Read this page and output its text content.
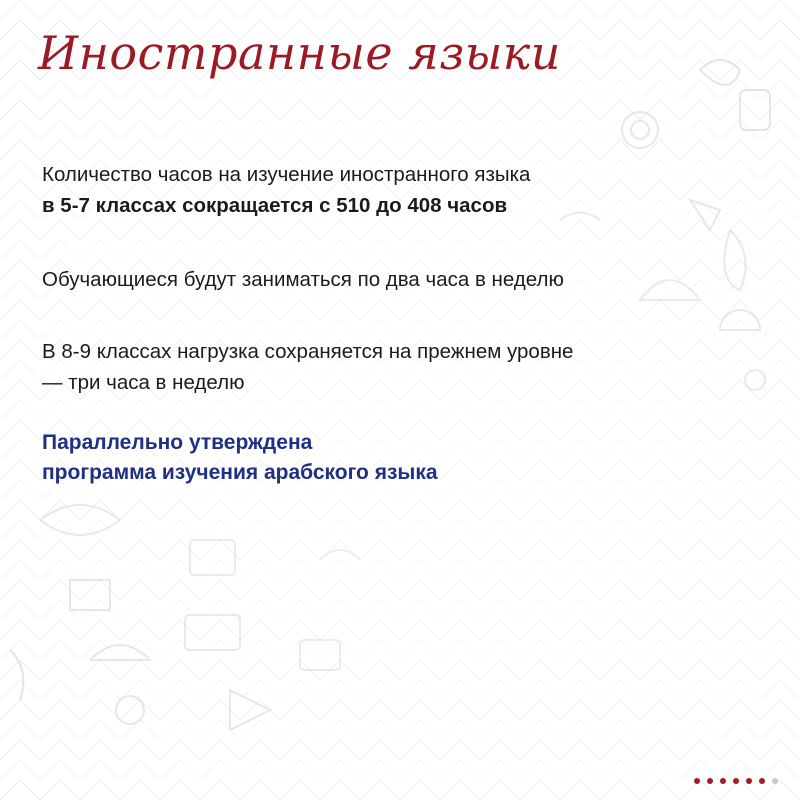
Иностранные языки
Количество часов на изучение иностранного языка
в 5-7 классах сокращается с 510 до 408 часов
Обучающиеся будут заниматься по два часа в неделю
В 8-9 классах нагрузка сохраняется на прежнем уровне
— три часа в неделю
Параллельно утверждена
программа изучения арабского языка
